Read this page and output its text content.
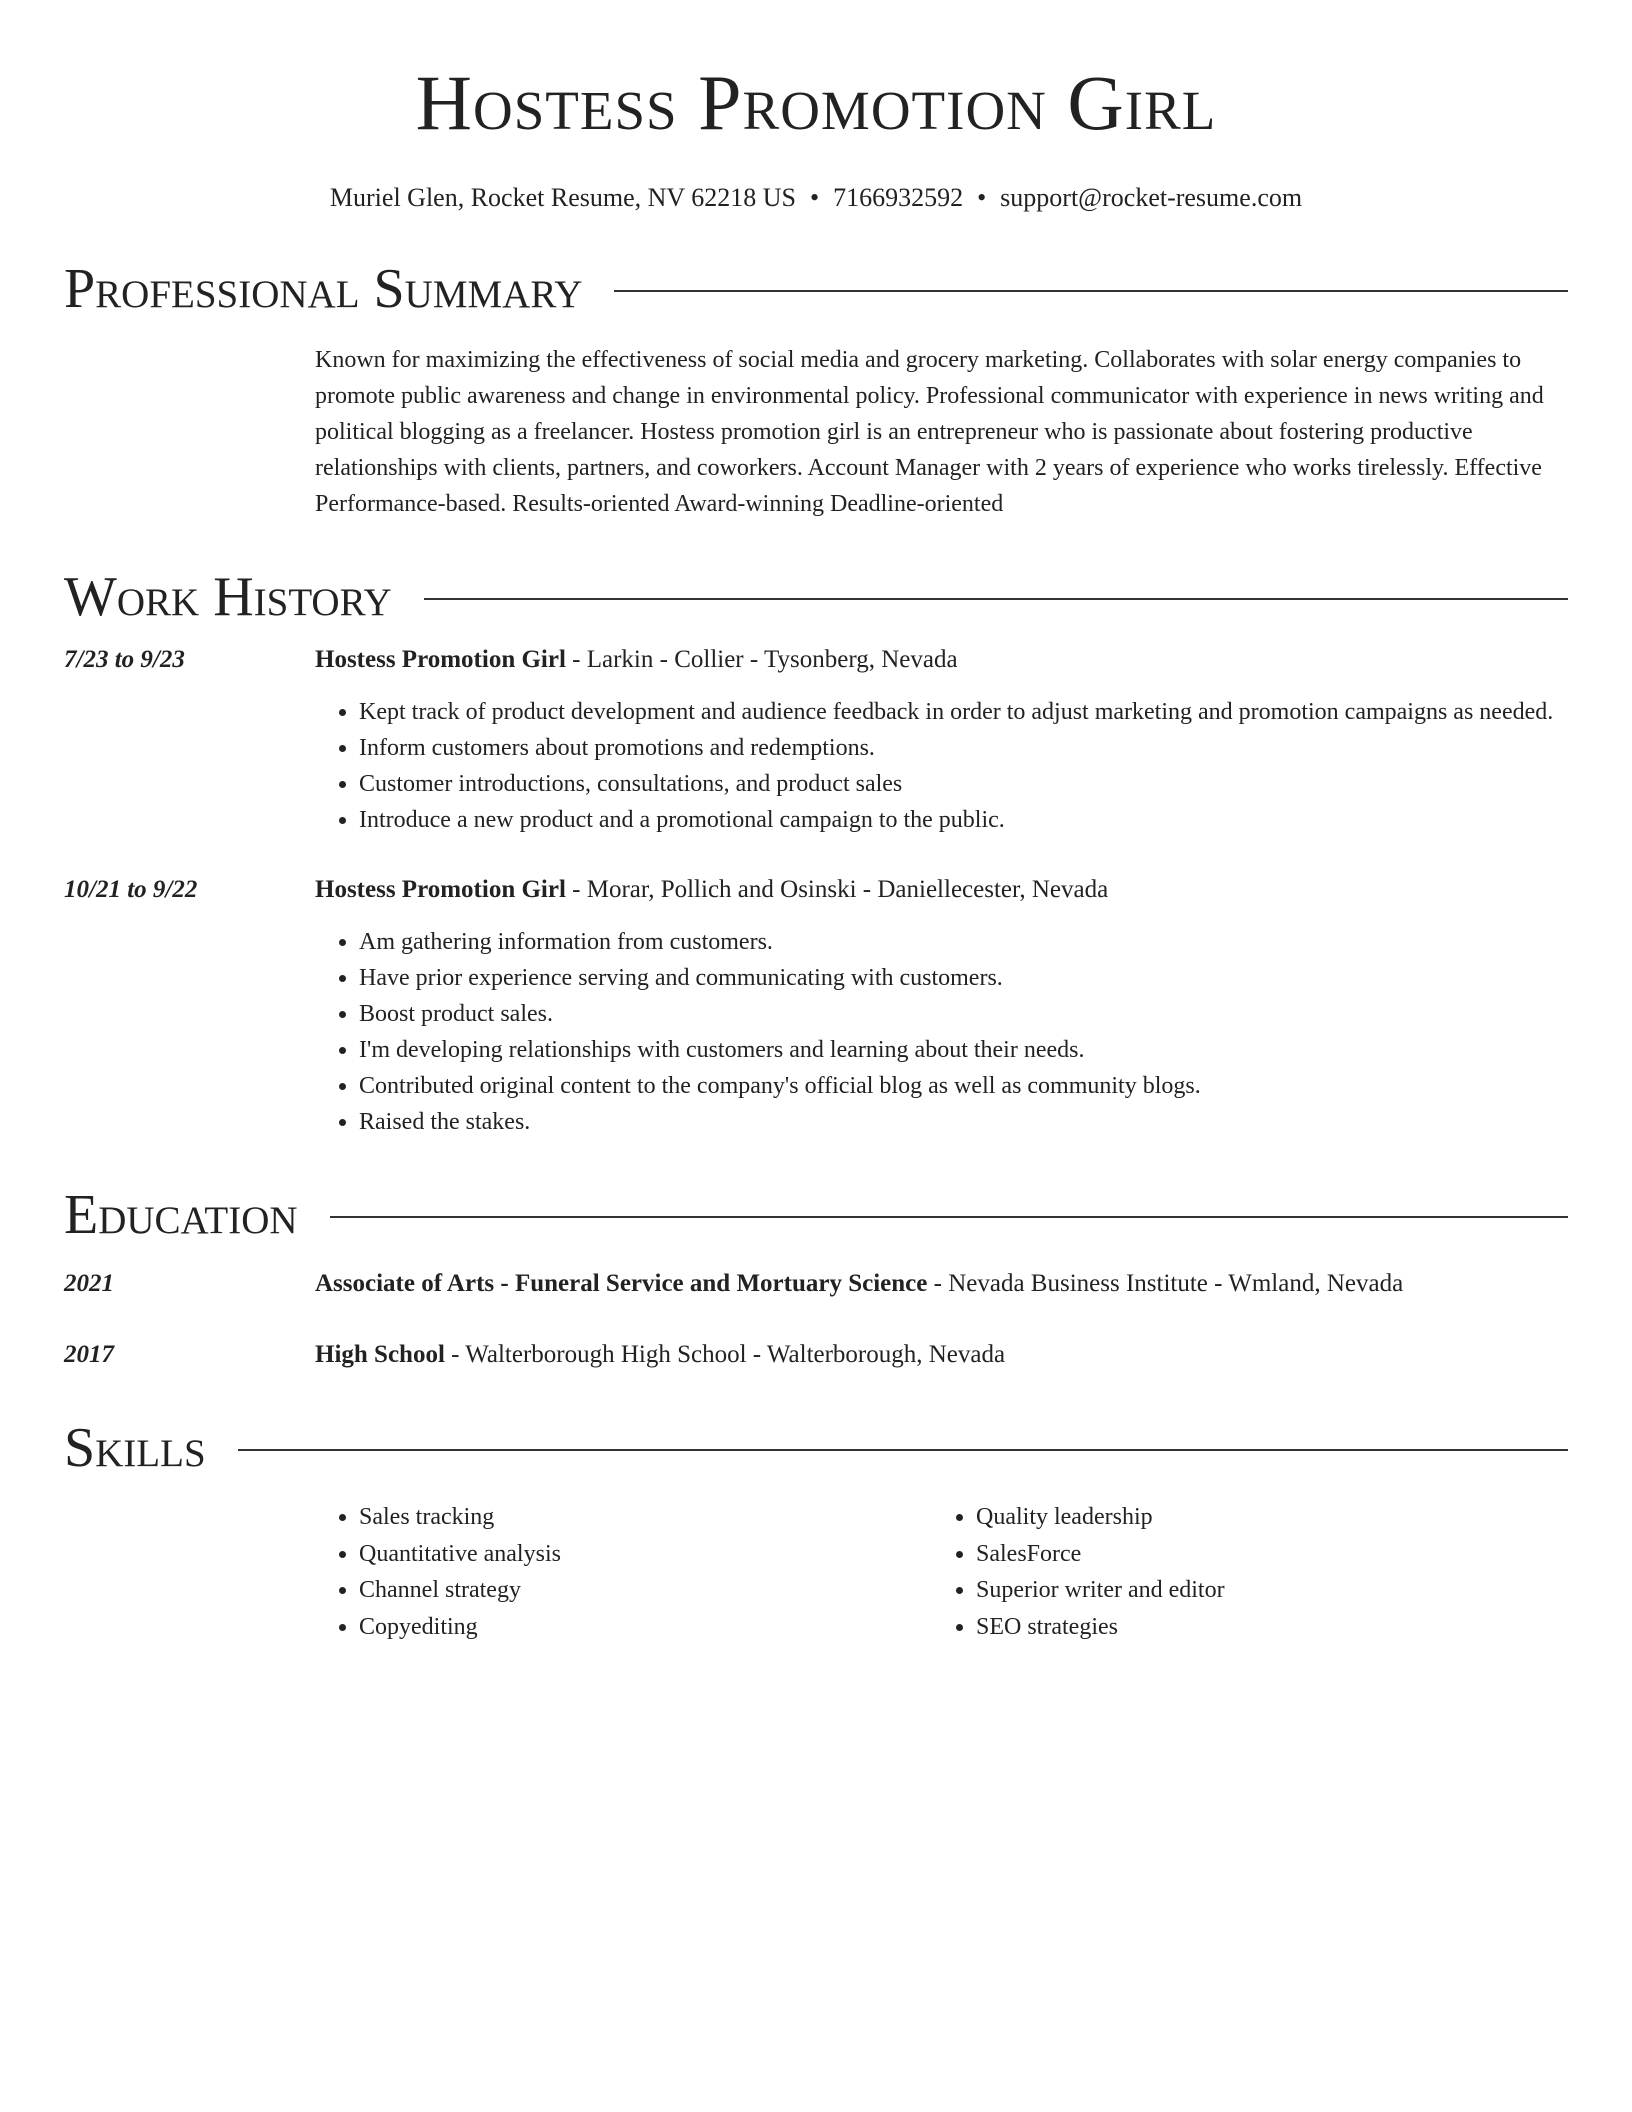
Hostess Promotion Girl
Muriel Glen, Rocket Resume, NV 62218 US • 7166932592 • support@rocket-resume.com
Professional Summary
Known for maximizing the effectiveness of social media and grocery marketing. Collaborates with solar energy companies to promote public awareness and change in environmental policy. Professional communicator with experience in news writing and political blogging as a freelancer. Hostess promotion girl is an entrepreneur who is passionate about fostering productive relationships with clients, partners, and coworkers. Account Manager with 2 years of experience who works tirelessly. Effective Performance-based. Results-oriented Award-winning Deadline-oriented
Work History
7/23 to 9/23	Hostess Promotion Girl - Larkin - Collier - Tysonberg, Nevada
• Kept track of product development and audience feedback in order to adjust marketing and promotion campaigns as needed.
• Inform customers about promotions and redemptions.
• Customer introductions, consultations, and product sales
• Introduce a new product and a promotional campaign to the public.
10/21 to 9/22	Hostess Promotion Girl - Morar, Pollich and Osinski - Daniellecester, Nevada
• Am gathering information from customers.
• Have prior experience serving and communicating with customers.
• Boost product sales.
• I'm developing relationships with customers and learning about their needs.
• Contributed original content to the company's official blog as well as community blogs.
• Raised the stakes.
Education
2021	Associate of Arts - Funeral Service and Mortuary Science - Nevada Business Institute - Wmland, Nevada
2017	High School - Walterborough High School - Walterborough, Nevada
Skills
• Sales tracking
• Quantitative analysis
• Channel strategy
• Copyediting
• Quality leadership
• SalesForce
• Superior writer and editor
• SEO strategies
